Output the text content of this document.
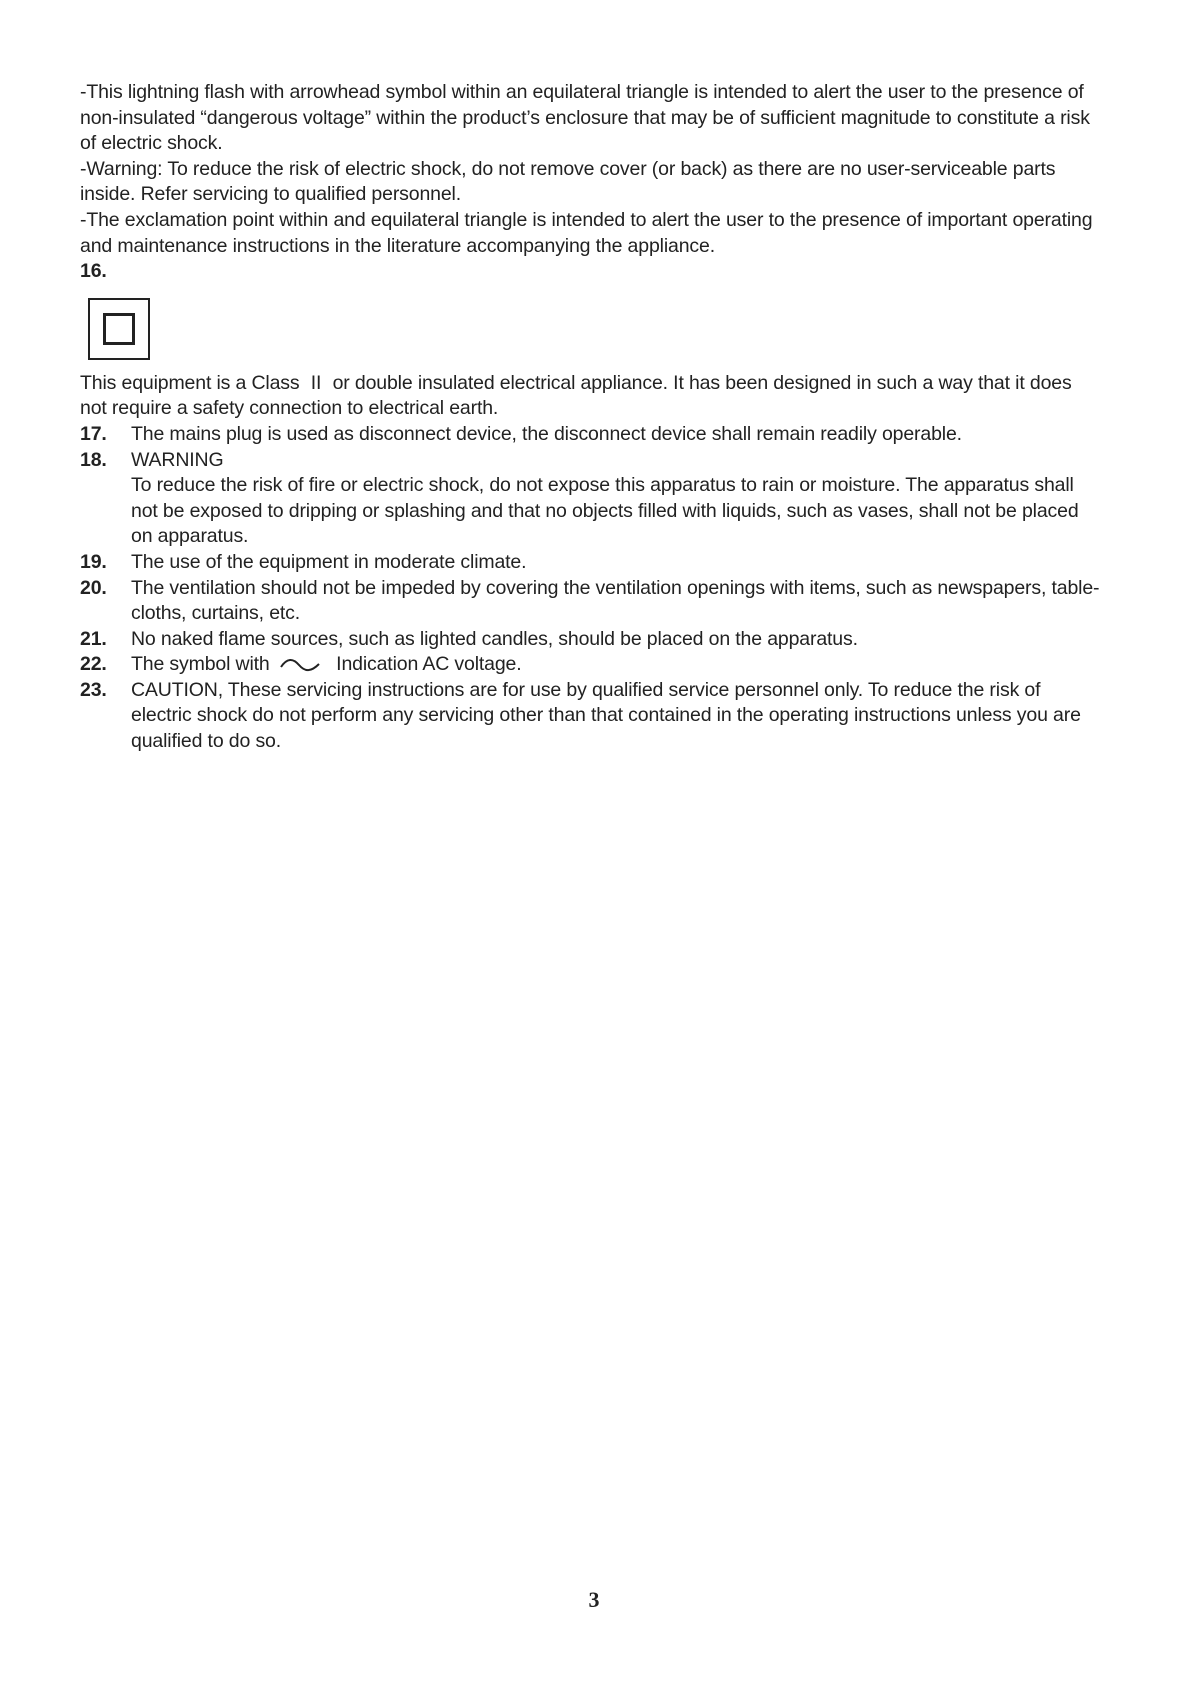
-This lightning flash with arrowhead symbol within an equilateral triangle is intended to alert the user to the presence of non-insulated “dangerous voltage” within the product’s enclosure that may be of sufficient magnitude to constitute a risk of electric shock.

-Warning: To reduce the risk of electric shock, do not remove cover (or back) as there are no user-serviceable parts inside. Refer servicing to qualified personnel.

-The exclamation point within and equilateral triangle is intended to alert the user to the presence of important operating and maintenance instructions in the literature accompanying the appliance.

16.

This equipment is a Class II or double insulated electrical appliance. It has been designed in such a way that it does not require a safety connection to electrical earth.

17.	The mains plug is used as disconnect device, the disconnect device shall remain readily operable.
18.	WARNING
To reduce the risk of fire or electric shock, do not expose this apparatus to rain or moisture. The apparatus shall not be exposed to dripping or splashing and that no objects filled with liquids, such as vases, shall not be placed on apparatus.
19.	The use of the equipment in moderate climate.
20.	The ventilation should not be impeded by covering the ventilation openings with items, such as newspapers, table-cloths, curtains, etc.
21.	No naked flame sources, such as lighted candles, should be placed on the apparatus.
22.	The symbol with	Indication AC voltage.
23.	CAUTION, These servicing instructions are for use by qualified service personnel only. To reduce the risk of electric shock do not perform any servicing other than that contained in the operating instructions unless you are qualified to do so.
3
